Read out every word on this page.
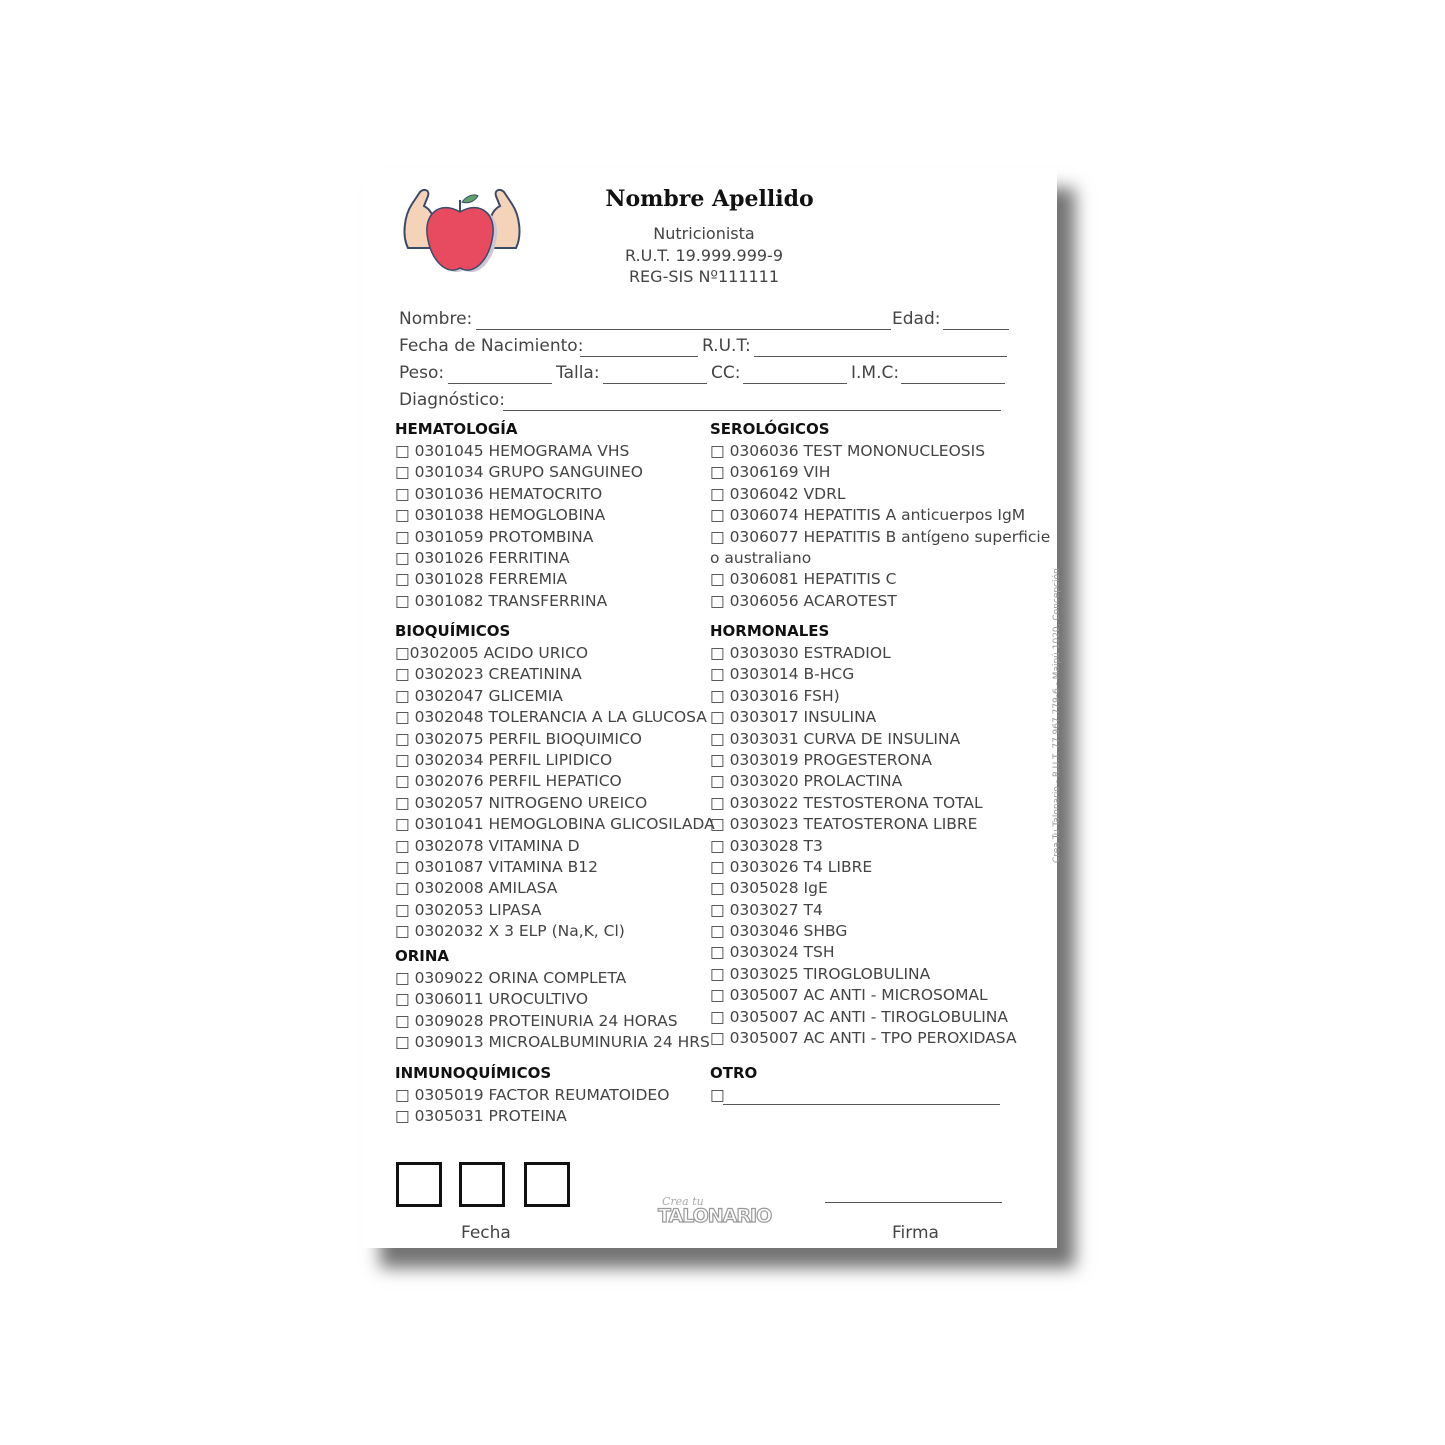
Nombre Apellido
Nutricionista
R.U.T. 19.999.999-9
REG-SIS Nº111111
Nombre:	Edad:
Fecha de Nacimiento:	R.U.T:
Peso:	Talla:	CC:	I.M.C:
Diagnóstico:
HEMATOLOGÍA
□ 0301045 HEMOGRAMA VHS
□ 0301034 GRUPO SANGUINEO
□ 0301036 HEMATOCRITO
□ 0301038 HEMOGLOBINA
□ 0301059 PROTOMBINA
□ 0301026 FERRITINA
□ 0301028 FERREMIA
□ 0301082 TRANSFERRINA
BIOQUÍMICOS
□0302005 ACIDO URICO
□ 0302023 CREATININA
□ 0302047 GLICEMIA
□ 0302048 TOLERANCIA A LA GLUCOSA
□ 0302075 PERFIL BIOQUIMICO
□ 0302034 PERFIL LIPIDICO
□ 0302076 PERFIL HEPATICO
□ 0302057 NITROGENO UREICO
□ 0301041 HEMOGLOBINA GLICOSILADA
□ 0302078 VITAMINA D
□ 0301087 VITAMINA B12
□ 0302008 AMILASA
□ 0302053 LIPASA
□ 0302032 X 3 ELP (Na,K, Cl)
ORINA
□ 0309022 ORINA COMPLETA
□ 0306011 UROCULTIVO
□ 0309028 PROTEINURIA 24 HORAS
□ 0309013 MICROALBUMINURIA 24 HRS
INMUNOQUÍMICOS
□ 0305019 FACTOR REUMATOIDEO
□ 0305031 PROTEINA
SEROLÓGICOS
□ 0306036 TEST MONONUCLEOSIS
□ 0306169 VIH
□ 0306042 VDRL
□ 0306074 HEPATITIS A anticuerpos IgM
□ 0306077 HEPATITIS B antígeno superficie
o australiano
□ 0306081 HEPATITIS C
□ 0306056 ACAROTEST
HORMONALES
□ 0303030 ESTRADIOL
□ 0303014 B-HCG
□ 0303016 FSH)
□ 0303017 INSULINA
□ 0303031 CURVA DE INSULINA
□ 0303019 PROGESTERONA
□ 0303020 PROLACTINA
□ 0303022 TESTOSTERONA TOTAL
□ 0303023 TEATOSTERONA LIBRE
□ 0303028 T3
□ 0303026 T4 LIBRE
□ 0305028 IgE
□ 0303027 T4
□ 0303046 SHBG
□ 0303024 TSH
□ 0303025 TIROGLOBULINA
□ 0305007 AC ANTI - MICROSOMAL
□ 0305007 AC ANTI - TIROGLOBULINA
□ 0305007 AC ANTI - TPO PEROXIDASA
OTRO
□
Fecha
Crea tu
TALONARIO
Firma
Crea Tu Talonario - R.U.T. 77.967.779-6 - Maipú 1020, Concepción
